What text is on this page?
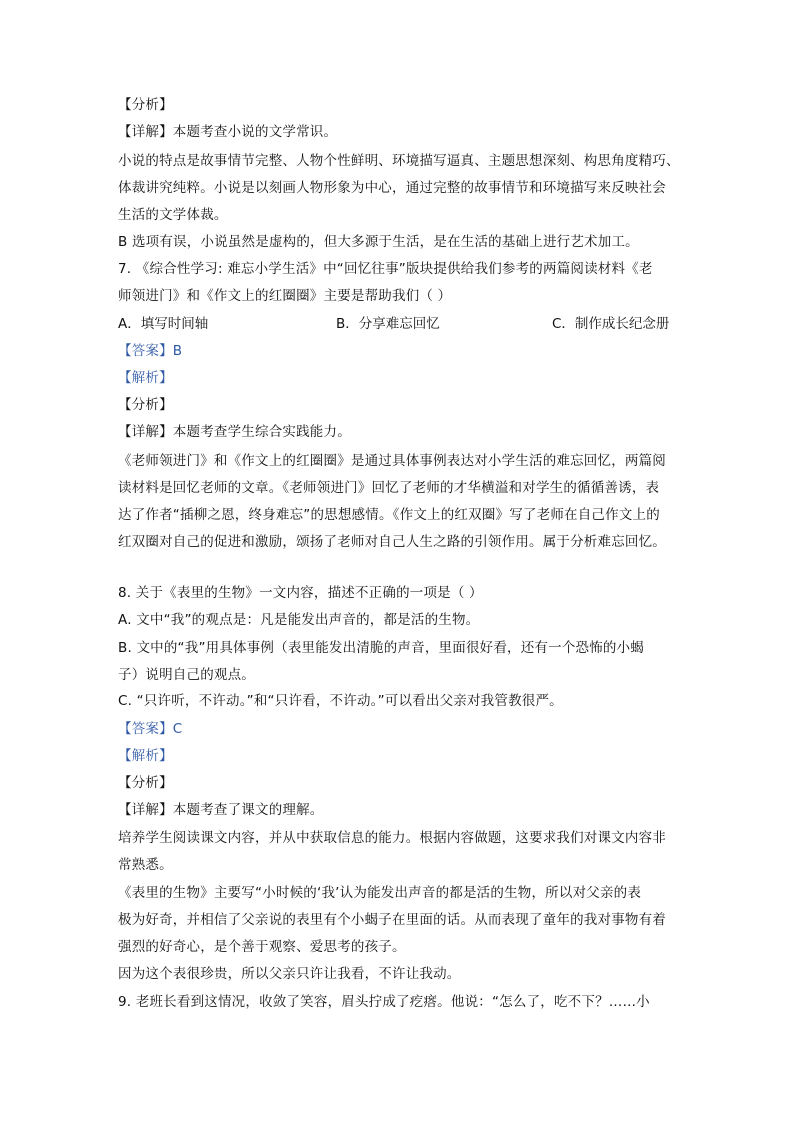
【分析】
【详解】本题考查小说的文学常识。
小说的特点是故事情节完整、人物个性鲜明、环境描写逼真、主题思想深刻、构思角度精巧、
体裁讲究纯粹。小说是以刻画人物形象为中心，通过完整的故事情节和环境描写来反映社会
生活的文学体裁。
B 选项有误，小说虽然是虚构的，但大多源于生活，是在生活的基础上进行艺术加工。
7. 《综合性学习: 难忘小学生活》中“回忆往事”版块提供给我们参考的两篇阅读材料《老
师领进门》和《作文上的红圈圈》主要是帮助我们（ ）
A．填写时间轴	B．分享难忘回忆	C．制作成长纪念册
【答案】B
【解析】
【分析】
【详解】本题考查学生综合实践能力。
《老师领进门》和《作文上的红圈圈》是通过具体事例表达对小学生活的难忘回忆，两篇阅
读材料是回忆老师的文章。《老师领进门》回忆了老师的才华横溢和对学生的循循善诱，表
达了作者“插柳之恩，终身难忘”的思想感情。《作文上的红双圈》写了老师在自己作文上的
红双圈对自己的促进和激励，颂扬了老师对自己人生之路的引领作用。属于分析难忘回忆。
8. 关于《表里的生物》一文内容，描述不正确的一项是（ ）
A. 文中“我”的观点是：凡是能发出声音的，都是活的生物。
B. 文中的“我”用具体事例（表里能发出清脆的声音，里面很好看，还有一个恐怖的小蝎
子）说明自己的观点。
C. “只许听，不许动。”和“只许看，不许动。”可以看出父亲对我管教很严。
【答案】C
【解析】
【分析】
【详解】本题考查了课文的理解。
培养学生阅读课文内容，并从中获取信息的能力。根据内容做题，这要求我们对课文内容非
常熟悉。
《表里的生物》主要写“小时候的‘我’认为能发出声音的都是活的生物，所以对父亲的表
极为好奇，并相信了父亲说的表里有个小蝎子在里面的话。从而表现了童年的我对事物有着
强烈的好奇心，是个善于观察、爱思考的孩子。
因为这个表很珍贵，所以父亲只许让我看，不许让我动。
9. 老班长看到这情况，收敛了笑容，眉头拧成了疙瘩。他说：“怎么了，吃不下？……小
